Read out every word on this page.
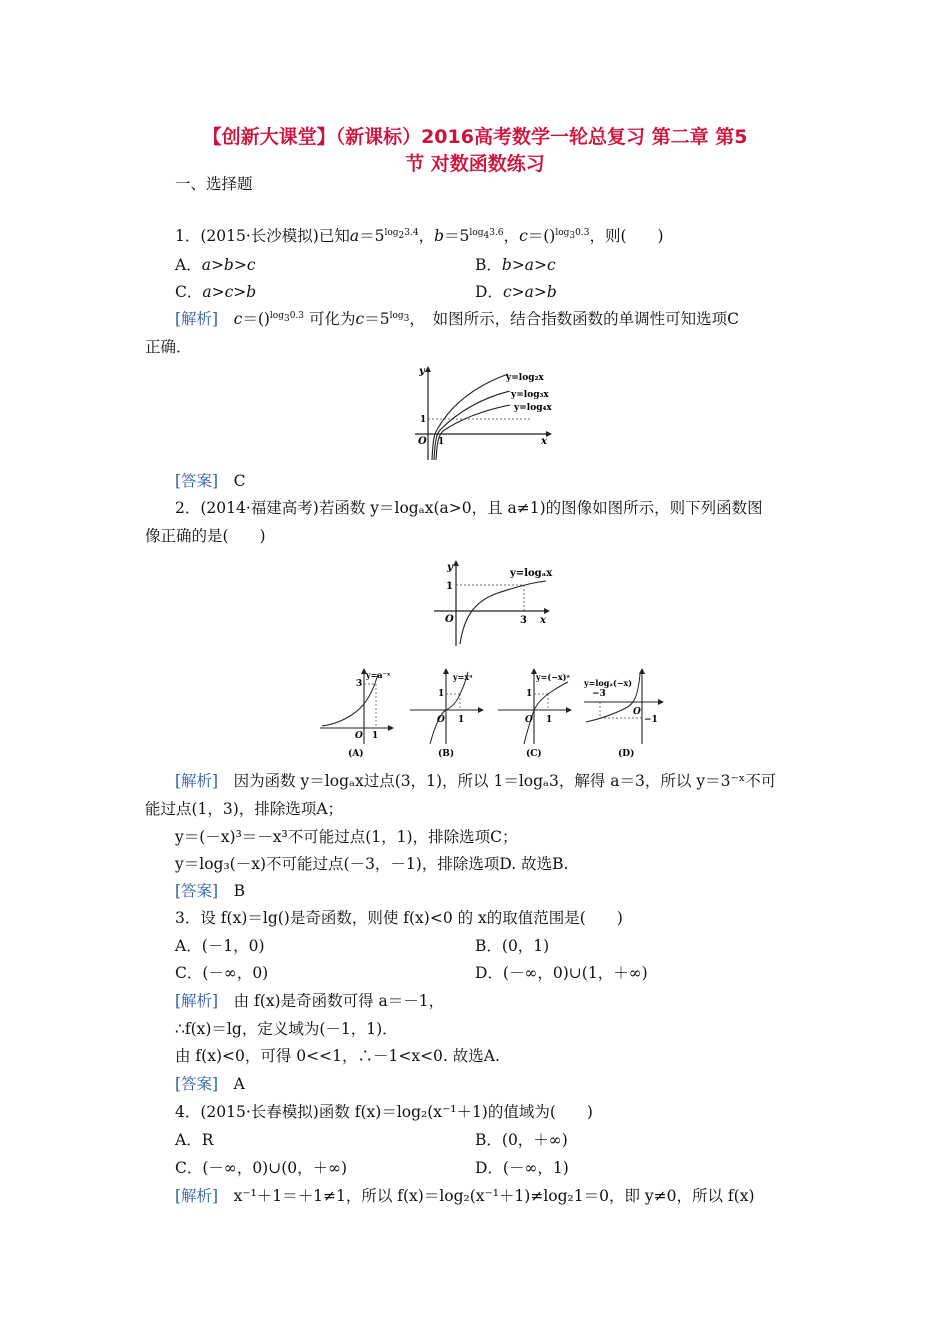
【创新大课堂】（新课标）2016高考数学一轮总复习 第二章 第5
节 对数函数练习
一、选择题
1．(2015·长沙模拟)已知$a=5^{log_23.4}$，$b=5^{log_43.6}$，c＝()$^{log_30.3}$，则(　　)
A．a>b>c	B．b>a>c
C．a>c>b	D．c>a>b
[解析]　 c＝()$^{log_30.3}$ 可化为$c=5^{log_3}$，　如图所示，结合指数函数的单调性可知选项C
正确．
y
x
O
1
1
y=log₂x
y=log₃x
y=log₄x
[答案]　 C
2．(2014·福建高考)若函数 y＝logₐx(a>0，且 a≠1)的图像如图所示，则下列函数图
像正确的是(　　)
y
x
O
1
3
y=logₐx
3
1
O
y=a⁻ˣ
(A)
1
1
O
y=xᵃ
(B)
1
1
O
y=(−x)ᵃ
(C)
−3
−1
O
y=logₐ(−x)
(D)
[解析]　因为函数 y＝logₐx过点(3，1)，所以 1＝logₐ3，解得 a＝3，所以 y＝3⁻ˣ不可
能过点(1，3)，排除选项A；
y＝(－x)³＝－x³不可能过点(1，1)，排除选项C；
y＝log₃(－x)不可能过点(－3，－1)，排除选项D. 故选B.
[答案]　 B
3．设 f(x)＝lg()是奇函数，则使 f(x)<0 的 x的取值范围是(　　)
A．(－1，0)	B．(0，1)
C．(－∞，0)	D．(－∞，0)∪(1，＋∞)
[解析]　由 f(x)是奇函数可得 a＝－1，
∴f(x)＝lg，定义域为(－1，1)．
由 f(x)<0，可得 0<<1，∴－1<x<0. 故选A.
[答案]　 A
4．(2015·长春模拟)函数 f(x)＝log₂(x⁻¹＋1)的值域为(　　)
A．R	B．(0，＋∞)
C．(－∞，0)∪(0，＋∞)	D．(－∞，1)
[解析]　x⁻¹＋1＝＋1≠1，所以 f(x)＝log₂(x⁻¹＋1)≠log₂1＝0，即 y≠0，所以 f(x)
